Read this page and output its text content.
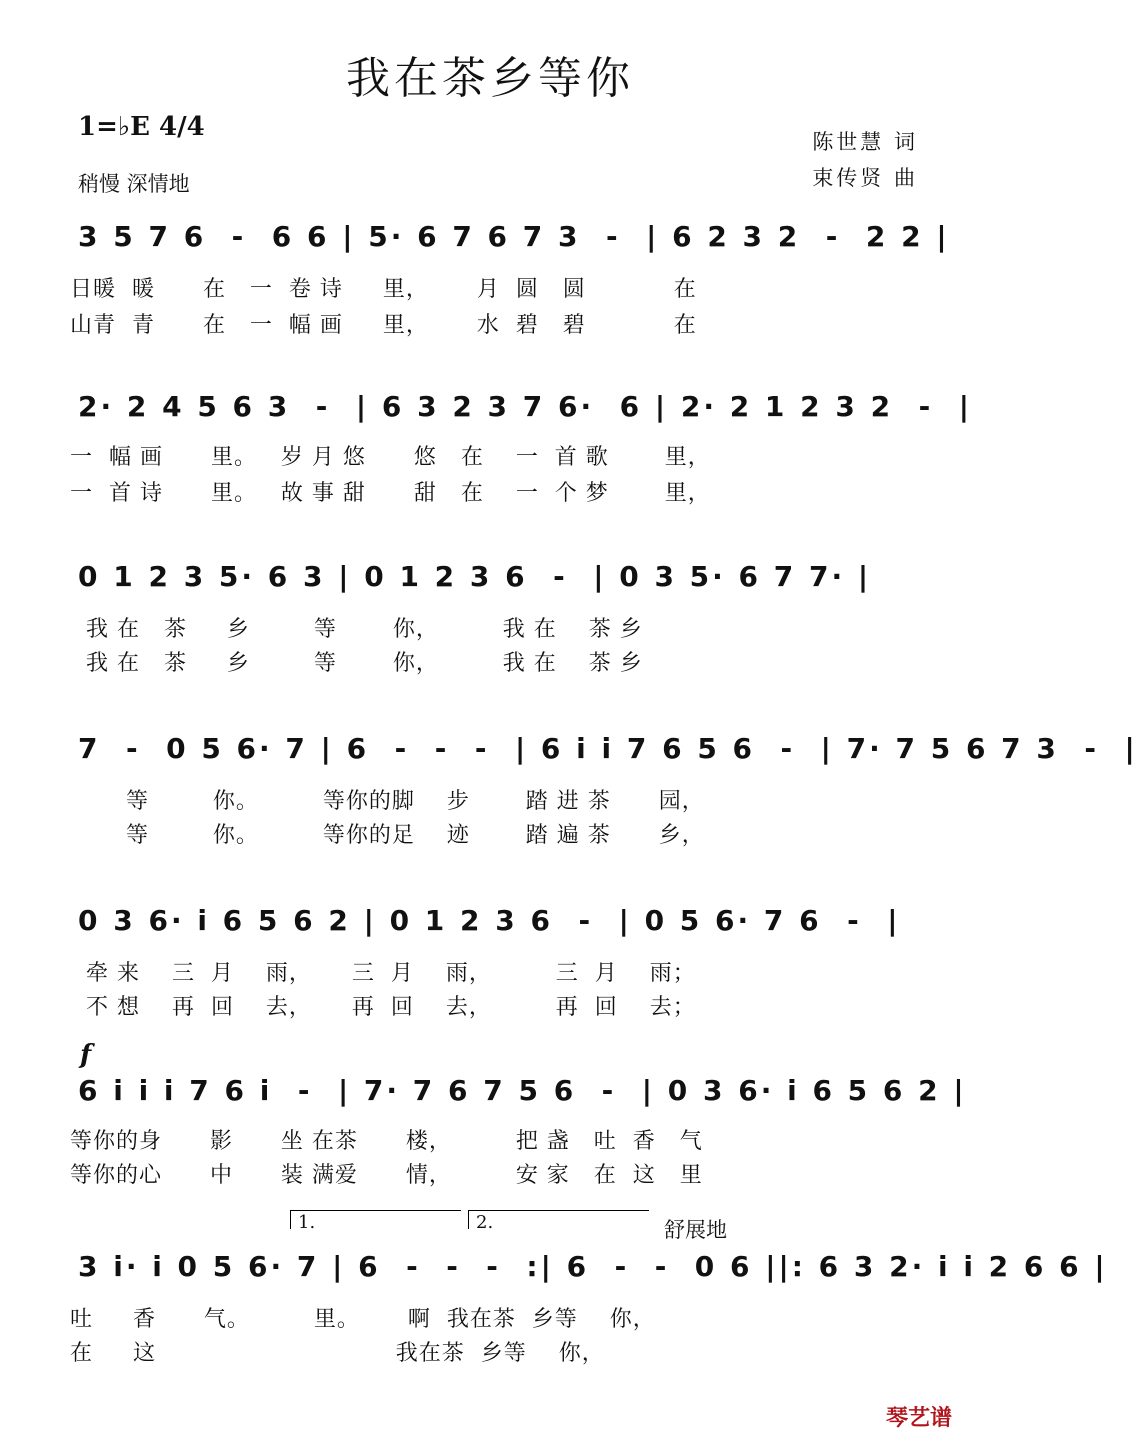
我在茶乡等你
1=♭E 4/4
稍慢 深情地
陈世慧 词
束传贤 曲
3 5 7 6  -  6 6 | 5· 6 7 6 7 3  -  | 6 2 3 2  -  2 2 |
日暖  暖      在   一  卷 诗     里，      月  圆   圆           在
山青  青      在   一  幅 画     里，      水  碧   碧           在
2· 2 4 5 6 3  -  | 6 3 2 3 7 6·  6 | 2· 2 1 2 3 2  -  |
一  幅 画      里。   岁 月 悠      悠   在    一  首 歌       里，
一  首 诗      里。   故 事 甜      甜   在    一  个 梦       里，
0 1 2 3 5· 6 3 | 0 1 2 3 6  -  | 0 3 5· 6 7 7· |
我 在   茶     乡        等       你，        我 在    茶 乡
我 在   茶     乡        等       你，        我 在    茶 乡
7  -  0 5 6· 7 | 6  -  -  -  | 6 i i 7 6 5 6  -  | 7· 7 5 6 7 3  -  |
等        你。        等你的脚    步       踏 进 茶      园，
等        你。        等你的足    迹       踏 遍 茶      乡，
0 3 6· i 6 5 6 2 | 0 1 2 3 6  -  | 0 5 6· 7 6  -  |
牵 来    三  月    雨，     三  月    雨，        三  月    雨；
不 想    再  回    去，     再  回    去，        再  回    去；
f
6 i i i 7 6 i  -  | 7· 7 6 7 5 6  -  | 0 3 6· i 6 5 6 2 |
等你的身      影      坐 在茶      楼，        把 盏   吐  香   气
等你的心      中      装 满爱      情，        安 家   在  这   里
1.	2.	舒展地
3 i· i 0 5 6· 7 | 6  -  -  -  :| 6  -  -  0 6 ||: 6 3 2· i i 2 6 6 |
吐     香      气。        里。      啊  我在茶  乡等    你，
在     这                              我在茶  乡等    你，
琴艺谱
